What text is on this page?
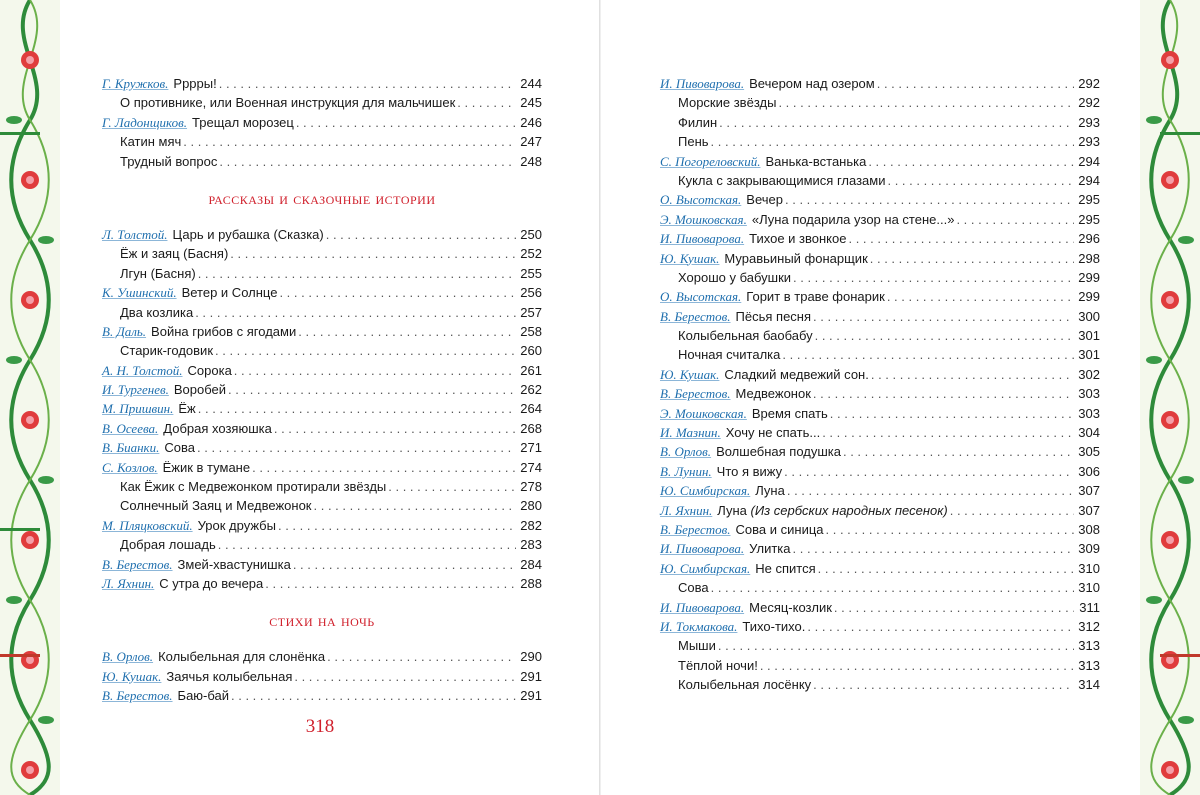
Г. Кружков. Рррры! . . .	244
О противнике, или Военная инструкция для мальчишек . . .	245
Г. Ладонщиков. Трещал морозец . . .	246
Катин мяч . . .	247
Трудный вопрос . . .	248
рассказы и сказочные истории
Л. Толстой. Царь и рубашка (Сказка) . . .	250
Ёж и заяц (Басня) . . .	252
Лгун (Басня) . . .	255
К. Ушинский. Ветер и Солнце . . .	256
Два козлика . . .	257
В. Даль. Война грибов с ягодами . . .	258
Старик-годовик . . .	260
А. Н. Толстой. Сорока . . .	261
И. Тургенев. Воробей . . .	262
М. Пришвин. Ёж . . .	264
В. Осеева. Добрая хозяюшка . . .	268
В. Бианки. Сова . . .	271
С. Козлов. Ёжик в тумане . . .	274
Как Ёжик с Медвежонком протирали звёзды . . .	278
Солнечный Заяц и Медвежонок . . .	280
М. Пляцковский. Урок дружбы . . .	282
Добрая лошадь . . .	283
В. Берестов. Змей-хвастунишка . . .	284
Л. Яхнин. С утра до вечера . . .	288
стихи на ночь
В. Орлов. Колыбельная для слонёнка . . .	290
Ю. Кушак. Заячья колыбельная . . .	291
В. Берестов. Баю-бай . . .	291
318
И. Пивоварова. Вечером над озером . . .	292
Морские звёзды . . .	292
Филин . . .	293
Пень . . .	293
С. Погореловский. Ванька-встанька . . .	294
Кукла с закрывающимися глазами . . .	294
О. Высотская. Вечер . . .	295
Э. Мошковская. «Луна подарила узор на стене...» . . .	295
И. Пивоварова. Тихое и звонкое . . .	296
Ю. Кушак. Муравьиный фонарщик . . .	298
Хорошо у бабушки . . .	299
О. Высотская. Горит в траве фонарик . . .	299
В. Берестов. Пёсья песня . . .	300
Колыбельная баобабу . . .	301
Ночная считалка . . .	301
Ю. Кушак. Сладкий медвежий сон. . . .	302
В. Берестов. Медвежонок . . .	303
Э. Мошковская. Время спать . . .	303
И. Мазнин. Хочу не спать... . . .	304
В. Орлов. Волшебная подушка . . .	305
В. Лунин. Что я вижу . . .	306
Ю. Симбирская. Луна . . .	307
Л. Яхнин. Луна (Из сербских народных песенок) . . .	307
В. Берестов. Сова и синица . . .	308
И. Пивоварова. Улитка . . .	309
Ю. Симбирская. Не спится . . .	310
Сова . . .	310
И. Пивоварова. Месяц-козлик . . .	311
И. Токмакова. Тихо-тихо. . . .	312
Мыши . . .	313
Тёплой ночи! . . .	313
Колыбельная лосёнку . . .	314
